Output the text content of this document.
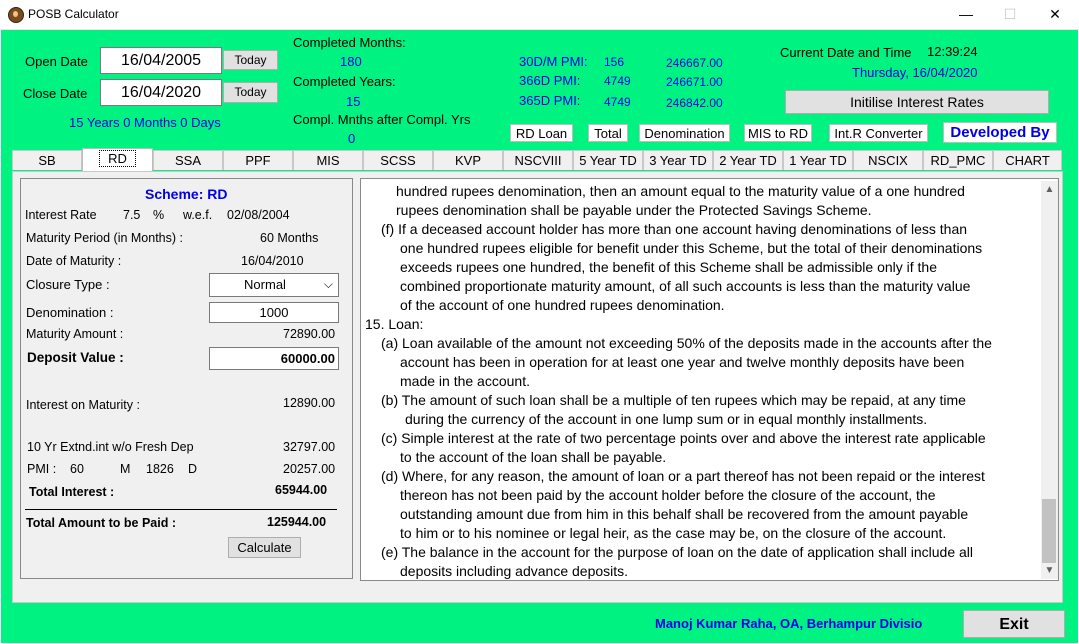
POSB Calculator	—	☐	✕
Open Date	16/04/2005	Today
Close Date	16/04/2020	Today
15 Years 0 Months 0 Days
Completed Months:
180
Completed Years:
15
Compl. Mnths after Compl. Yrs
0
30D/M PMI: 156	246667.00
366D PMI: 4749	246671.00
365D PMI: 4749	246842.00
Current Date and Time 12:39:24
Thursday, 16/04/2020
Initilise Interest Rates
RD Loan	Total	Denomination	MIS to RD	Int.R Converter	Developed By
SB	RD	SSA	PPF	MIS	SCSS	KVP	NSCVIII	5 Year TD 3 Year TD 2 Year TD 1 Year TD	NSCIX	RD_PMC	CHART
Scheme: RD
Interest Rate 7.5 % w.e.f. 02/08/2004
Maturity Period (in Months) :	60 Months
Date of Maturity :	16/04/2010
Closure Type :	Normal	⌵
Denomination :	1000
Maturity Amount :	72890.00
Deposit Value :	60000.00
Interest on Maturity :	12890.00
10 Yr Extnd.int w/o Fresh Dep	32797.00
PMI : 60	M 1826 D	20257.00
Total Interest :	65944.00
Total Amount to be Paid :	125944.00
Calculate
hundred rupees denomination, then an amount equal to the maturity value of a one hundred
rupees denomination shall be payable under the Protected Savings Scheme.
(f) If a deceased account holder has more than one account having denominations of less than
one hundred rupees eligible for benefit under this Scheme, but the total of their denominations
exceeds rupees one hundred, the benefit of this Scheme shall be admissible only if the
combined proportionate maturity amount, of all such accounts is less than the maturity value
of the account of one hundred rupees denomination.
15. Loan:
(a) Loan available of the amount not exceeding 50% of the deposits made in the accounts after the
account has been in operation for at least one year and twelve monthly deposits have been
made in the account.
(b) The amount of such loan shall be a multiple of ten rupees which may be repaid, at any time
during the currency of the account in one lump sum or in equal monthly installments.
(c) Simple interest at the rate of two percentage points over and above the interest rate applicable
to the account of the loan shall be payable.
(d) Where, for any reason, the amount of loan or a part thereof has not been repaid or the interest
thereon has not been paid by the account holder before the closure of the account, the
outstanding amount due from him in this behalf shall be recovered from the amount payable
to him or to his nominee or legal heir, as the case may be, on the closure of the account.
(e) The balance in the account for the purpose of loan on the date of application shall include all
deposits including advance deposits.
▲
▼
Manoj Kumar Raha, OA, Berhampur Divisio	Exit
